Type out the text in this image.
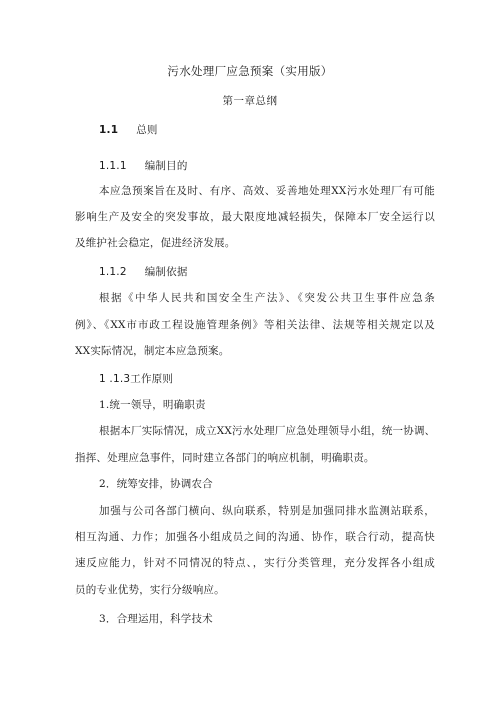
污水处理厂应急预案（实用版）
第一章总纲
1.1 总则
1.1.1 编制目的
本应急预案旨在及时、有序、高效、妥善地处理XX污水处理厂有可能
影响生产及安全的突发事故，最大限度地减轻损失，保障本厂安全运行以
及维护社会稳定，促进经济发展。
1.1.2 编制依据
根据《中华人民共和国安全生产法》、《突发公共卫生事件应急条
例》、《XX市市政工程设施管理条例》等相关法律、法规等相关规定以及
XX实际情况，制定本应急预案。
1 .1.3工作原则
1.统一领导，明确职责
根据本厂实际情况，成立XX污水处理厂应急处理领导小组，统一协调、
指挥、处理应急事件，同时建立各部门的响应机制，明确职责。
2．统筹安排，协调农合
加强与公司各部门横向、纵向联系，特别是加强同排水监测站联系，
相互沟通、力作；加强各小组成员之间的沟通、协作，联合行动，提高快
速反应能力，针对不同情况的特点、，实行分类管理，充分发挥各小组成
员的专业优势，实行分级响应。
3．合理运用，科学技术
